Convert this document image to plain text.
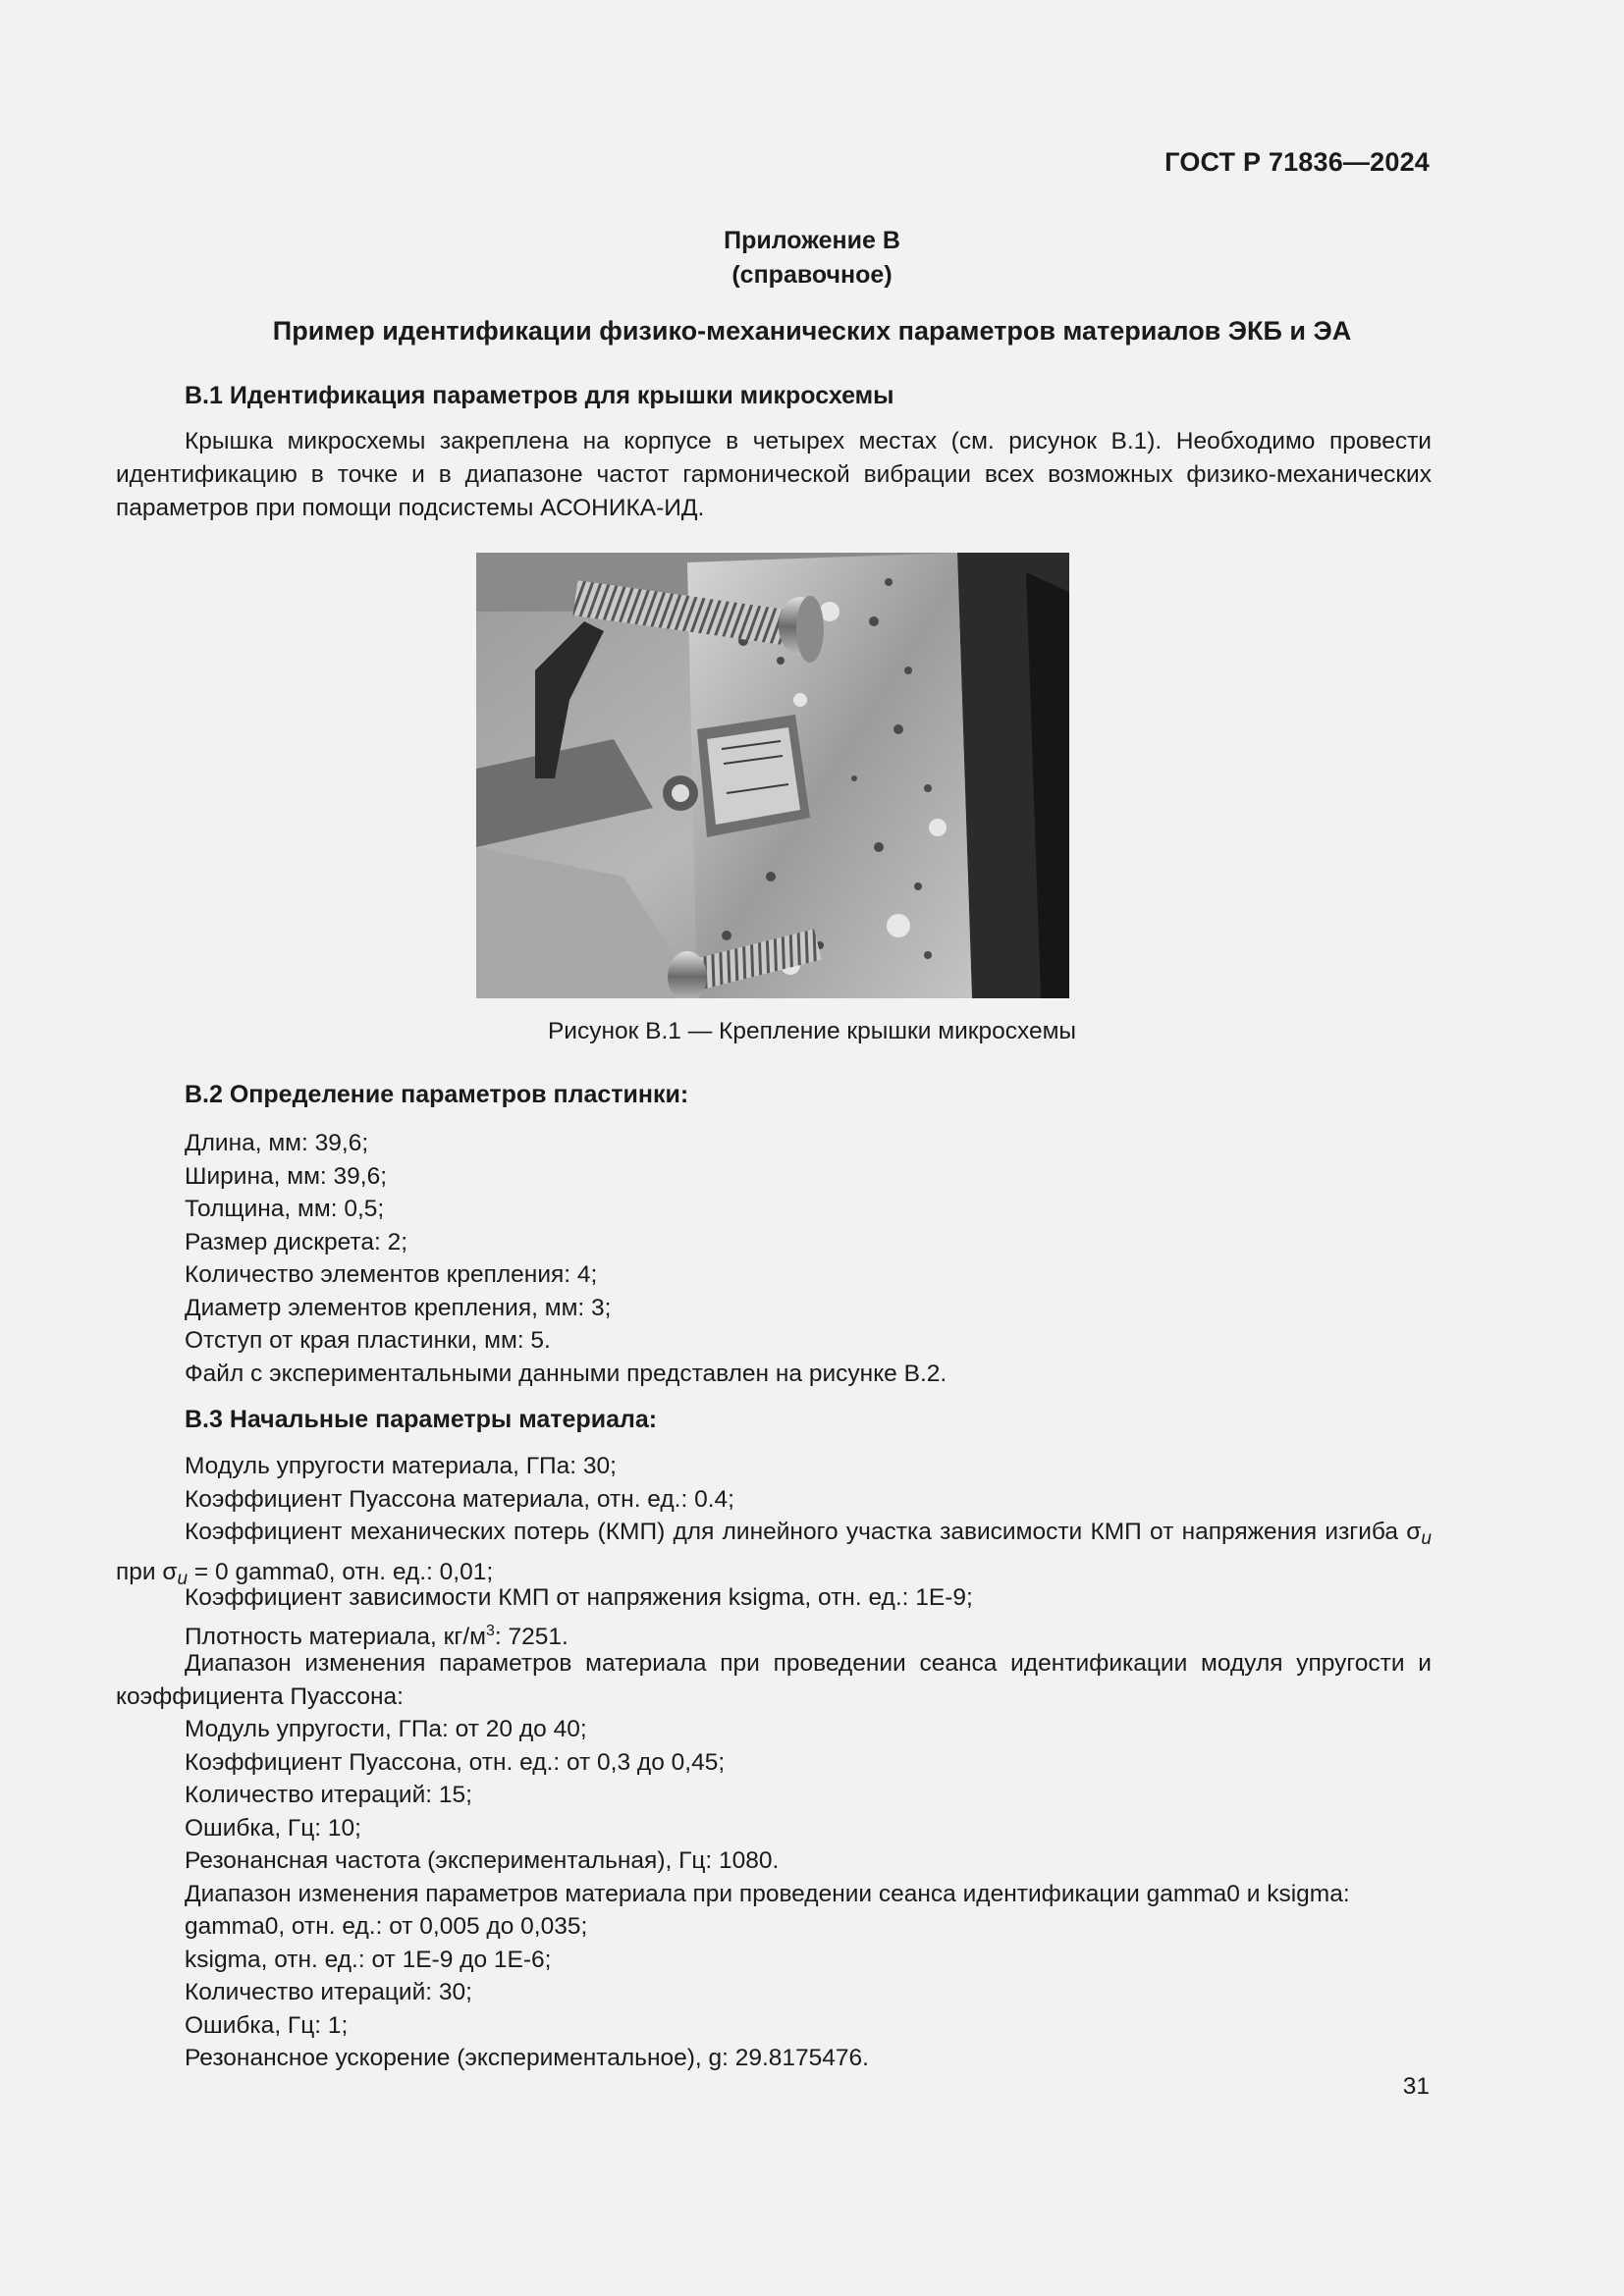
ГОСТ Р 71836—2024
Приложение В
(справочное)
Пример идентификации физико-механических параметров материалов ЭКБ и ЭА
В.1 Идентификация параметров для крышки микросхемы

Крышка микросхемы закреплена на корпусе в четырех местах (см. рисунок В.1). Необходимо провести идентификацию в точке и в диапазоне частот гармонической вибрации всех возможных физико-механических параметров при помощи подсистемы АСОНИКА-ИД.

Рисунок В.1 — Крепление крышки микросхемы
В.2 Определение параметров пластинки:
Длина, мм: 39,6;
Ширина, мм: 39,6;
Толщина, мм: 0,5;
Размер дискрета: 2;
Количество элементов крепления: 4;
Диаметр элементов крепления, мм: 3;
Отступ от края пластинки, мм: 5.
Файл с экспериментальными данными представлен на рисунке В.2.
В.3 Начальные параметры материала:
Модуль упругости материала, ГПа: 30;
Коэффициент Пуассона материала, отн. ед.: 0.4;

Коэффициент механических потерь (КМП) для линейного участка зависимости КМП от напряжения изгиба $\sigma_u$ при $\sigma_u = 0$ gamma0, отн. ед.: 0,01;

Коэффициент зависимости КМП от напряжения ksigma, отн. ед.: 1E-9;
Плотность материала, $кг/м^3$: 7251.

Диапазон изменения параметров материала при проведении сеанса идентификации модуля упругости и коэффициента Пуассона:

Модуль упругости, ГПа: от 20 до 40;
Коэффициент Пуассона, отн. ед.: от 0,3 до 0,45;
Количество итераций: 15;
Ошибка, Гц: 10;
Резонансная частота (экспериментальная), Гц: 1080.
Диапазон изменения параметров материала при проведении сеанса идентификации gamma0 и ksigma:
gamma0, отн. ед.: от 0,005 до 0,035;
ksigma, отн. ед.: от 1E-9 до 1E-6;
Количество итераций: 30;
Ошибка, Гц: 1;
Резонансное ускорение (экспериментальное), g: 29.8175476.
31
